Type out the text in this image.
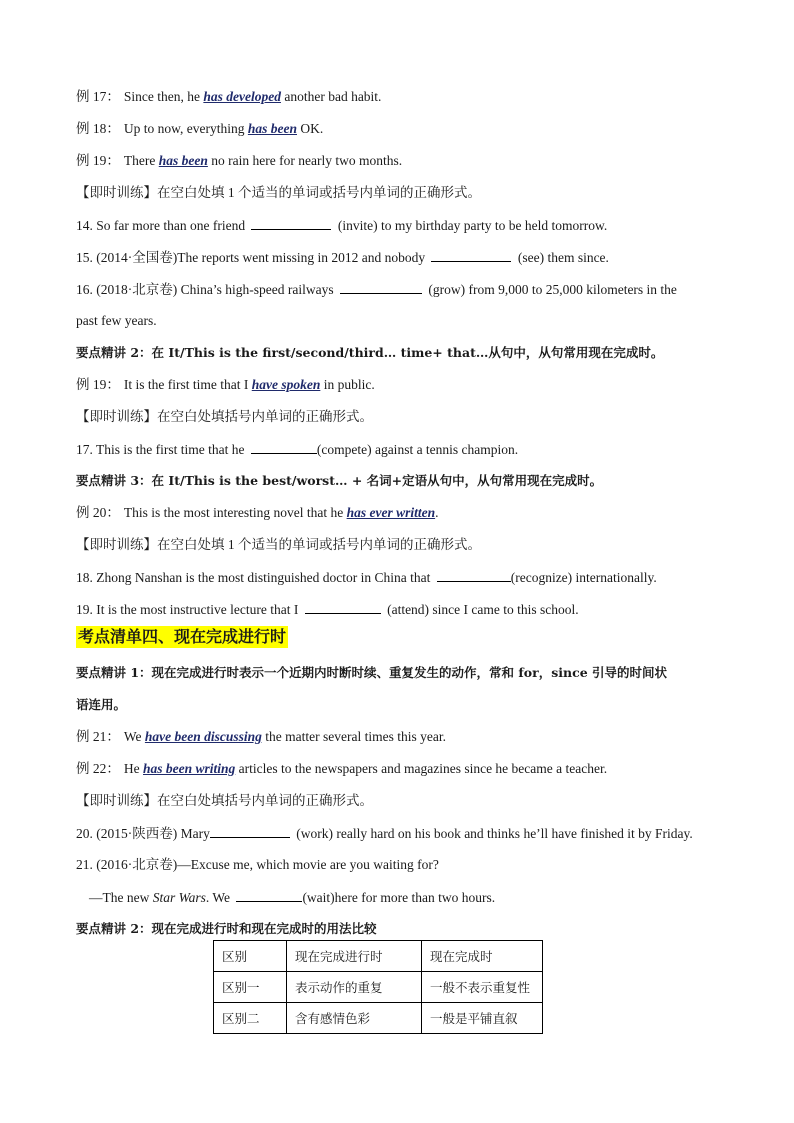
例 17： Since then, he has developed another bad habit.
例 18： Up to now, everything has been OK.
例 19： There has been no rain here for nearly two months.
【即时训练】在空白处填 1 个适当的单词或括号内单词的正确形式。
14. So far more than one friend	(invite) to my birthday party to be held tomorrow.
15. (2014·全国卷)The reports went missing in 2012 and nobody	(see) them since.
16. (2018·北京卷) China’s high-speed railways	(grow) from 9,000 to 25,000 kilometers in the
past few years.
要点精讲 2：在 It/This is the first/second/third… time+ that…从句中，从句常用现在完成时。
例 19： It is the first time that I have spoken in public.
【即时训练】在空白处填括号内单词的正确形式。
17. This is the first time that he	(compete) against a tennis champion.
要点精讲 3：在 It/This is the best/worst… + 名词+定语从句中，从句常用现在完成时。
例 20： This is the most interesting novel that he has ever written.
【即时训练】在空白处填 1 个适当的单词或括号内单词的正确形式。
18. Zhong Nanshan is the most distinguished doctor in China that	(recognize) internationally.
19. It is the most instructive lecture that I	(attend) since I came to this school.
考点清单四、现在完成进行时
要点精讲 1：现在完成进行时表示一个近期内时断时续、重复发生的动作，常和 for，since 引导的时间状
语连用。
例 21： We have been discussing the matter several times this year.
例 22： He has been writing articles to the newspapers and magazines since he became a teacher.
【即时训练】在空白处填括号内单词的正确形式。
20. (2015·陕西卷) Mary	(work) really hard on his book and thinks he’ll have finished it by Friday.
21. (2016·北京卷)—Excuse me, which movie are you waiting for?
—The new Star Wars. We	(wait)here for more than two hours.
要点精讲 2：现在完成进行时和现在完成时的用法比较
区别	现在完成进行时	现在完成时
区别一	表示动作的重复	一般不表示重复性
区别二	含有感情色彩	一般是平铺直叙
